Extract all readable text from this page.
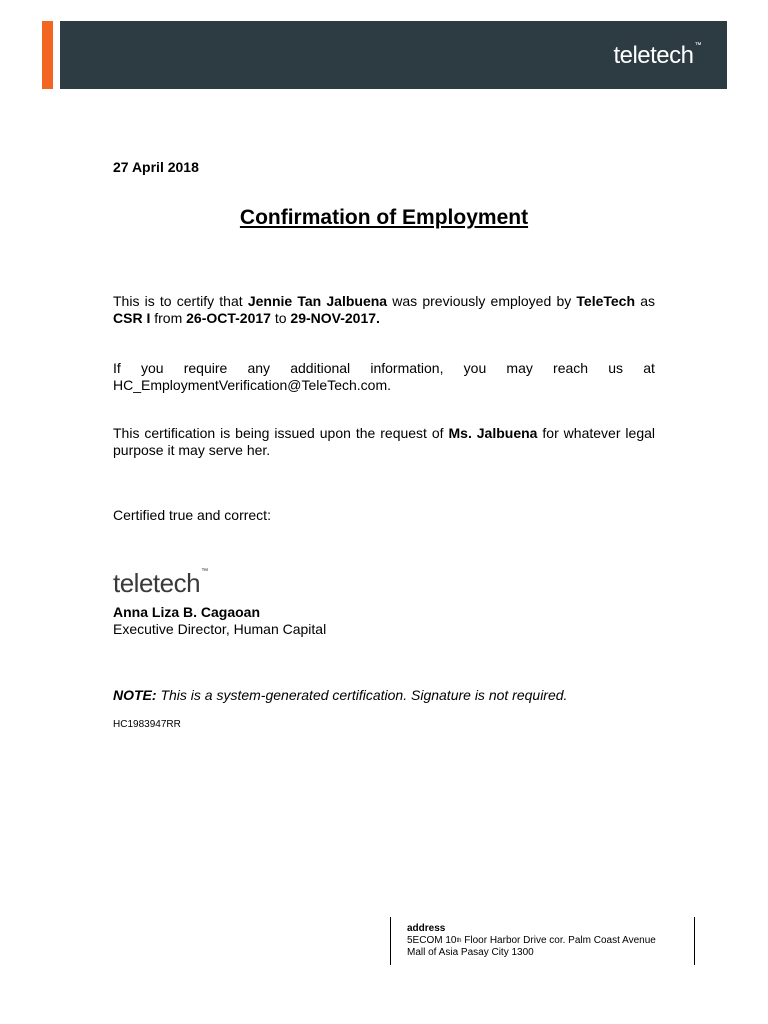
teletech™
27 April 2018
Confirmation of Employment
This is to certify that Jennie Tan Jalbuena was previously employed by TeleTech as CSR I from 26-OCT-2017 to 29-NOV-2017.
If you require any additional information, you may reach us at
HC_EmploymentVerification@TeleTech.com.
This certification is being issued upon the request of Ms. Jalbuena for whatever legal purpose it may serve her.
Certified true and correct:
teletech™
Anna Liza B. Cagaoan
Executive Director, Human Capital
NOTE: This is a system-generated certification. Signature is not required.
HC1983947RR
address
5ECOM 10th Floor Harbor Drive cor. Palm Coast Avenue
Mall of Asia Pasay City 1300
